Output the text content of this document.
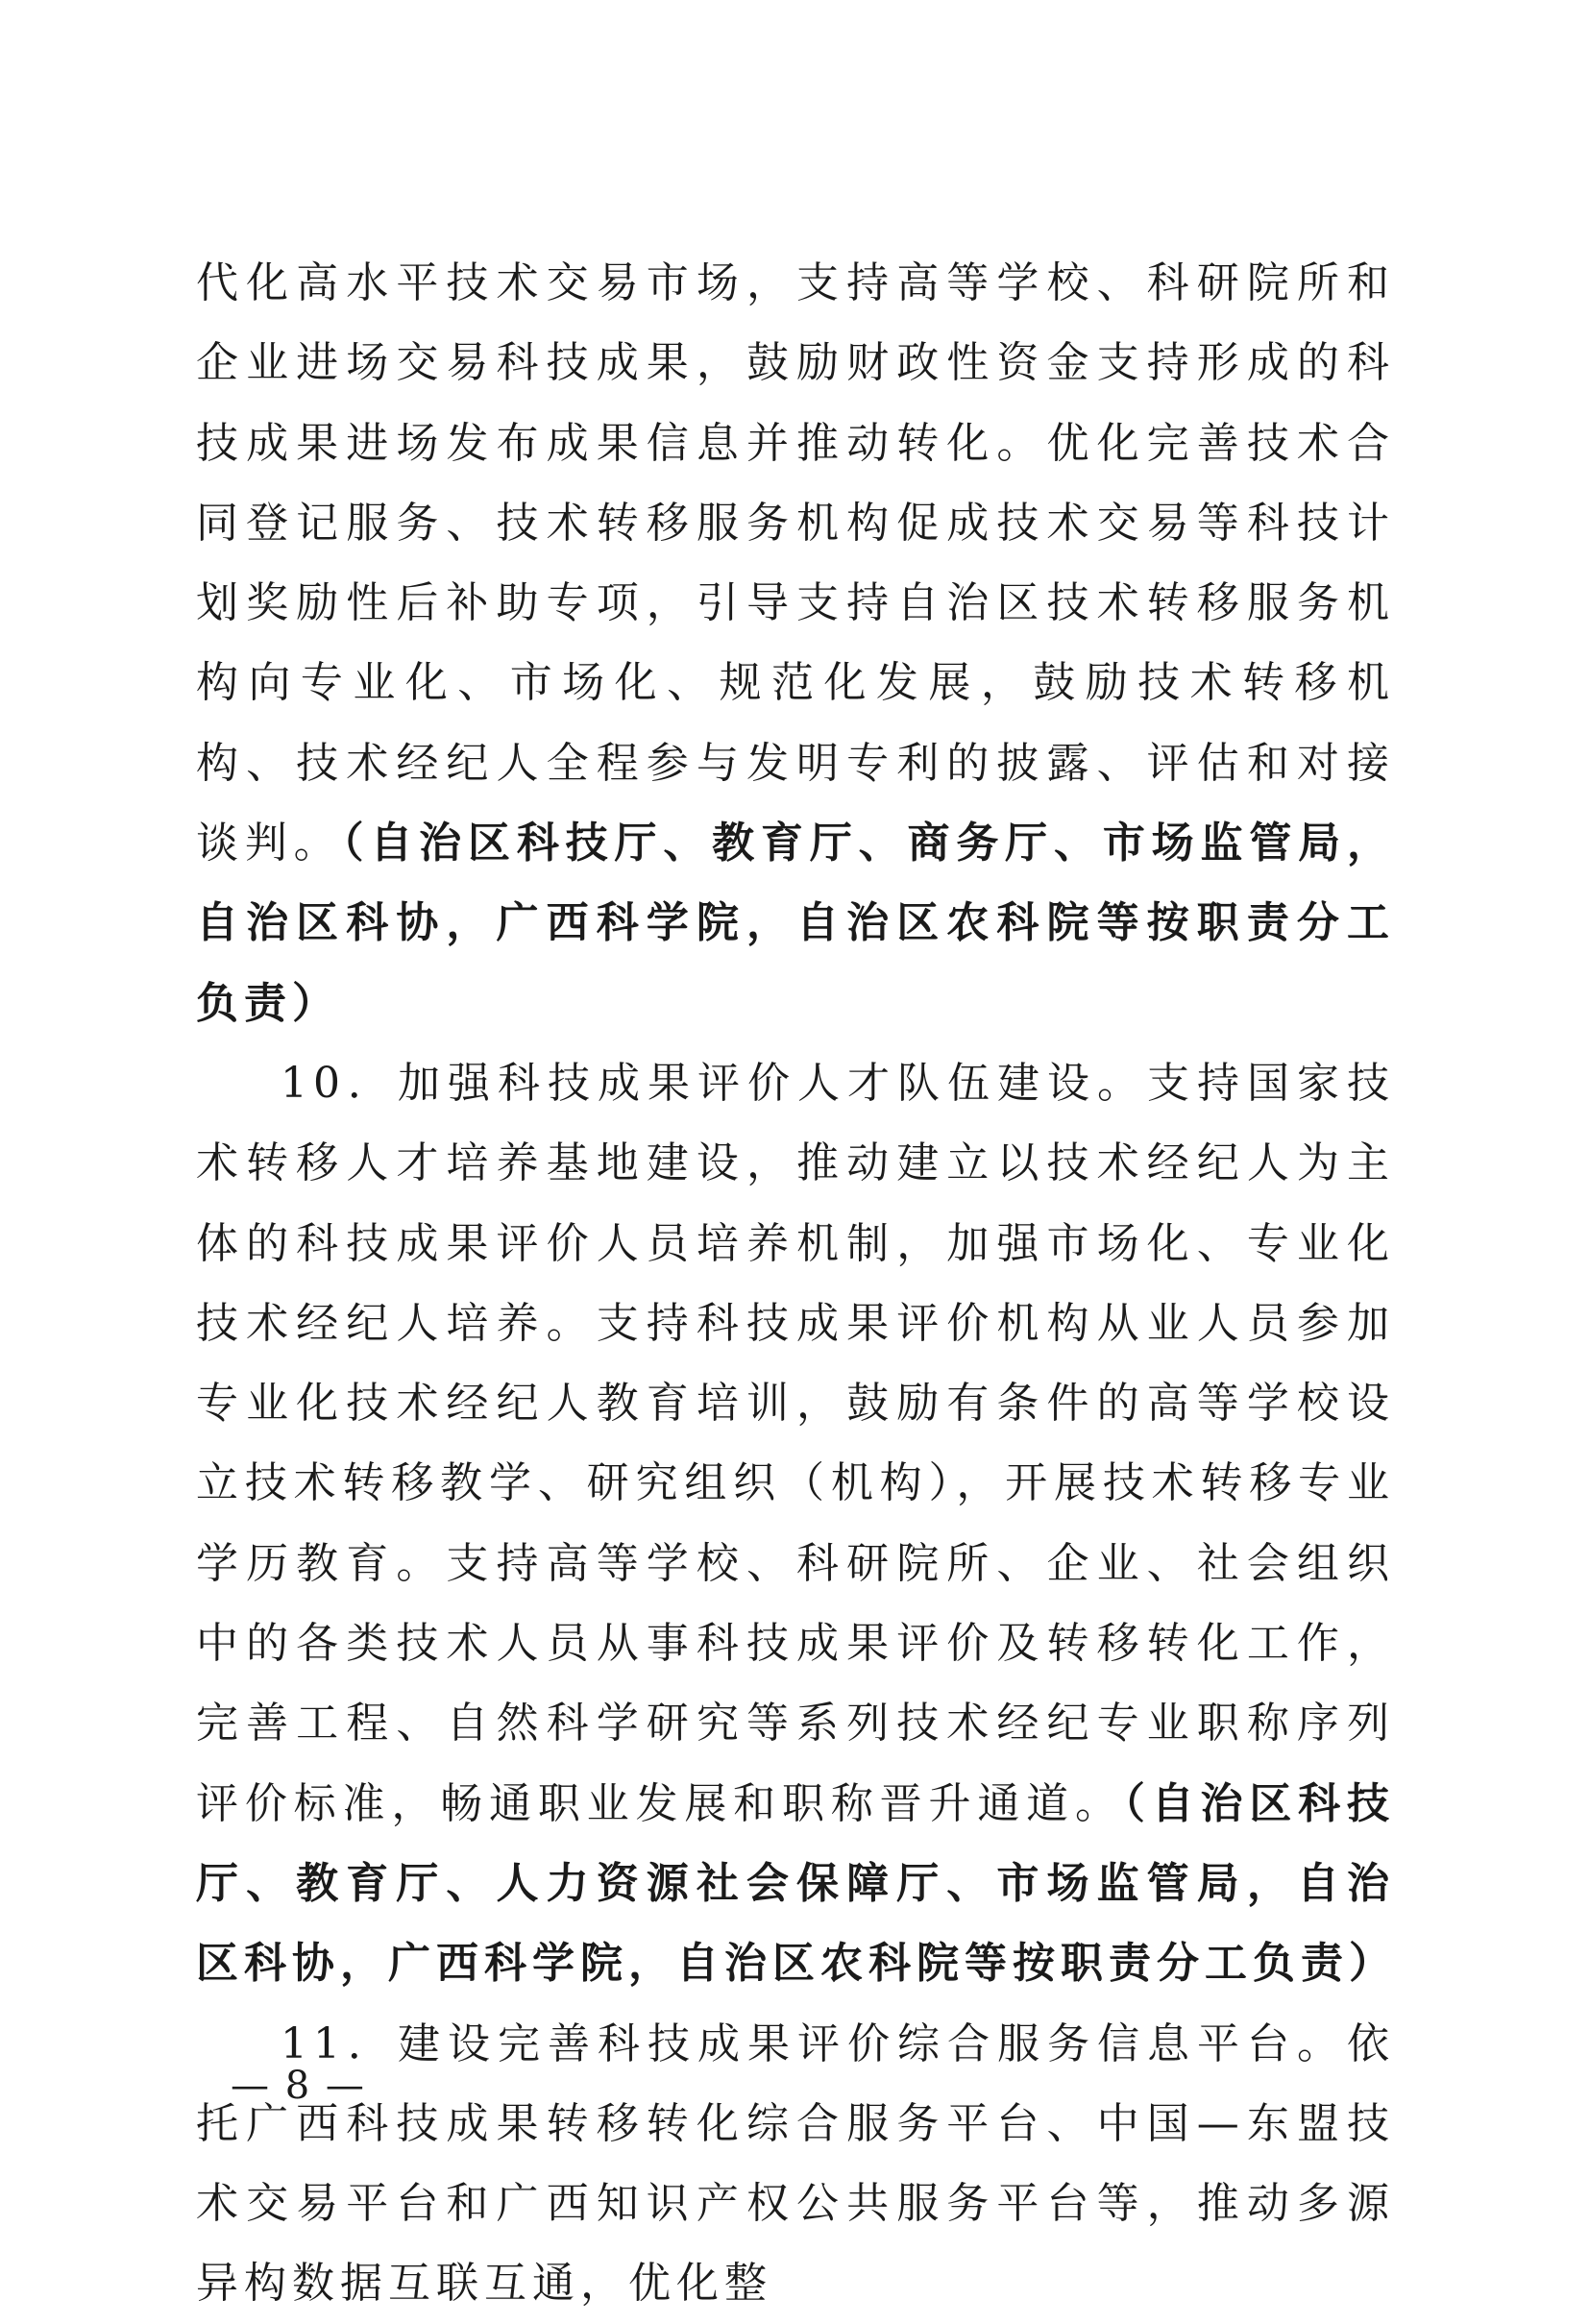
代化高水平技术交易市场，支持高等学校、科研院所和企业进场交易科技成果，鼓励财政性资金支持形成的科技成果进场发布成果信息并推动转化。优化完善技术合同登记服务、技术转移服务机构促成技术交易等科技计划奖励性后补助专项，引导支持自治区技术转移服务机构向专业化、市场化、规范化发展，鼓励技术转移机构、技术经纪人全程参与发明专利的披露、评估和对接谈判。（自治区科技厅、教育厅、商务厅、市场监管局，自治区科协，广西科学院，自治区农科院等按职责分工负责）

10．加强科技成果评价人才队伍建设。支持国家技术转移人才培养基地建设，推动建立以技术经纪人为主体的科技成果评价人员培养机制，加强市场化、专业化技术经纪人培养。支持科技成果评价机构从业人员参加专业化技术经纪人教育培训，鼓励有条件的高等学校设立技术转移教学、研究组织（机构），开展技术转移专业学历教育。支持高等学校、科研院所、企业、社会组织中的各类技术人员从事科技成果评价及转移转化工作，完善工程、自然科学研究等系列技术经纪专业职称序列评价标准，畅通职业发展和职称晋升通道。（自治区科技厅、教育厅、人力资源社会保障厅、市场监管局，自治区科协，广西科学院，自治区农科院等按职责分工负责）

11．建设完善科技成果评价综合服务信息平台。依托广西科技成果转移转化综合服务平台、中国—东盟技术交易平台和广西知识产权公共服务平台等，推动多源异构数据互联互通，优化整

— 8 —
